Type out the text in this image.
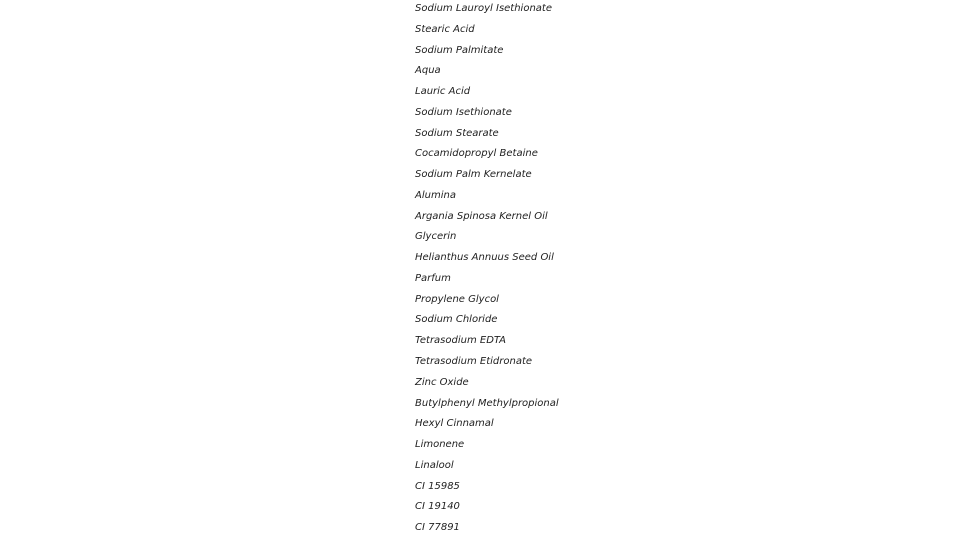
Sodium Lauroyl Isethionate
Stearic Acid
Sodium Palmitate
Aqua
Lauric Acid
Sodium Isethionate
Sodium Stearate
Cocamidopropyl Betaine
Sodium Palm Kernelate
Alumina
Argania Spinosa Kernel Oil
Glycerin
Helianthus Annuus Seed Oil
Parfum
Propylene Glycol
Sodium Chloride
Tetrasodium EDTA
Tetrasodium Etidronate
Zinc Oxide
Butylphenyl Methylpropional
Hexyl Cinnamal
Limonene
Linalool
CI 15985
CI 19140
CI 77891
